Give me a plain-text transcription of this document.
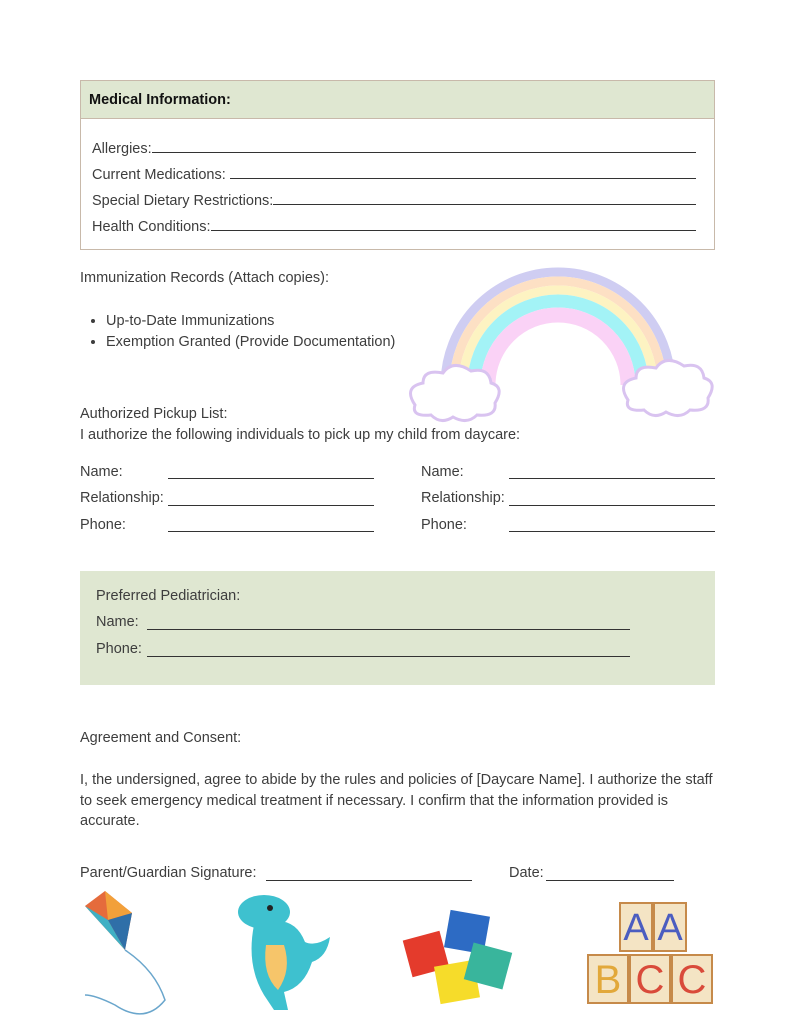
Medical Information:
Allergies:
Current Medications:
Special Dietary Restrictions:
Health Conditions:
Immunization Records (Attach copies):
• Up-to-Date Immunizations
• Exemption Granted (Provide Documentation)
Authorized Pickup List:
I authorize the following individuals to pick up my child from daycare:
Name:
Relationship:
Phone:
Name:
Relationship:
Phone:
Preferred Pediatrician:
Name:
Phone:
Agreement and Consent:
I, the undersigned, agree to abide by the rules and policies of [Daycare Name]. I authorize the staff to seek emergency medical treatment if necessary. I confirm that the information provided is accurate.
Parent/Guardian Signature:	Date:
A A
B C C
